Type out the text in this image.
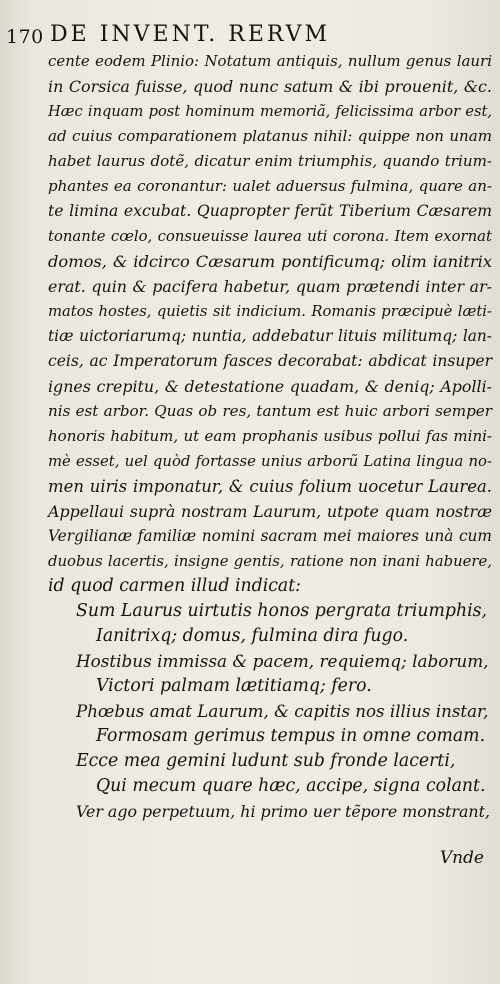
170 DE INVENT. RERVM
cente eodem Plinio: Notatum antiquis, nullum genus lauri
in Corsica fuisse, quod nunc satum & ibi prouenit, &c.
Hæc inquam post hominum memoriã, felicissima arbor est,
ad cuius comparationem platanus nihil: quippe non unam
habet laurus dotẽ, dicatur enim triumphis, quando trium-
phantes ea coronantur: ualet aduersus fulmina, quare an-
te limina excubat. Quapropter ferũt Tiberium Cæsarem
tonante cœlo, consueuisse laurea uti corona. Item exornat
domos, & idcirco Cæsarum pontificumq; olim ianitrix
erat. quin & pacifera habetur, quam prætendi inter ar-
matos hostes, quietis sit indicium. Romanis præcipuè læti-
tiæ uictoriarumq; nuntia, addebatur lituis militumq; lan-
ceis, ac Imperatorum fasces decorabat: abdicat insuper
ignes crepitu, & detestatione quadam, & deniq; Apolli-
nis est arbor. Quas ob res, tantum est huic arbori semper
honoris habitum, ut eam prophanis usibus pollui fas mini-
mè esset, uel quòd fortasse unius arborũ Latina lingua no-
men uiris imponatur, & cuius folium uocetur Laurea.
Appellaui suprà nostram Laurum, utpote quam nostræ
Vergilianæ familiæ nomini sacram mei maiores unà cum
duobus lacertis, insigne gentis, ratione non inani habuere,
id quod carmen illud indicat:
Sum Laurus uirtutis honos pergrata triumphis,
Ianitrixq; domus, fulmina dira fugo.
Hostibus immissa & pacem, requiemq; laborum,
Victori palmam lætitiamq; fero.
Phœbus amat Laurum, & capitis nos illius instar,
Formosam gerimus tempus in omne comam.
Ecce mea gemini ludunt sub fronde lacerti,
Qui mecum quare hæc, accipe, signa colant.
Ver ago perpetuum, hi primo uer tẽpore monstrant,
Vnde
